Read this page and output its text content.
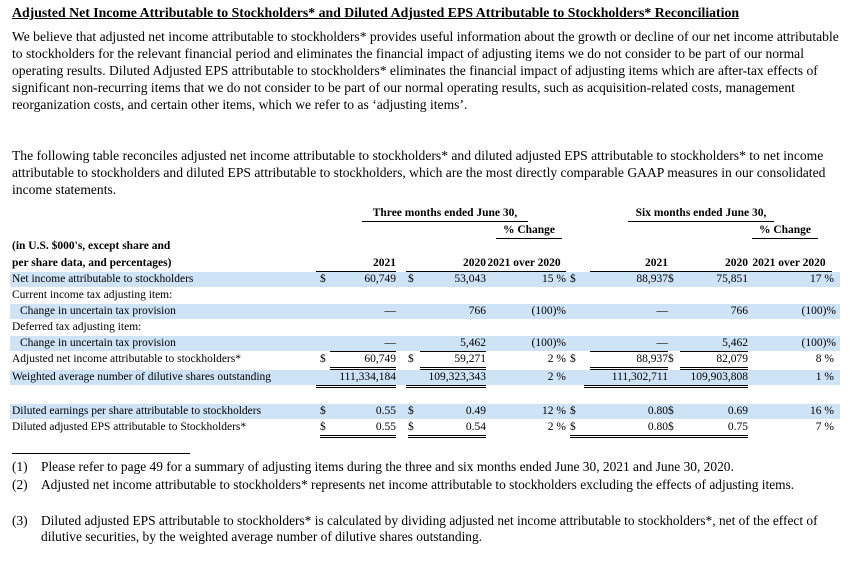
Adjusted Net Income Attributable to Stockholders* and Diluted Adjusted EPS Attributable to Stockholders* Reconciliation

We believe that adjusted net income attributable to stockholders* provides useful information about the growth or decline of our net income attributable to stockholders for the relevant financial period and eliminates the financial impact of adjusting items we do not consider to be part of our normal operating results. Diluted Adjusted EPS attributable to stockholders* eliminates the financial impact of adjusting items which are after-tax effects of significant non-recurring items that we do not consider to be part of our normal operating results, such as acquisition-related costs, management reorganization costs, and certain other items, which we refer to as ‘adjusting items’.

The following table reconciles adjusted net income attributable to stockholders* and diluted adjusted EPS attributable to stockholders* to net income attributable to stockholders and diluted EPS attributable to stockholders, which are the most directly comparable GAAP measures in our consolidated income statements.

Three months ended June 30,	Six months ended June 30,
% Change	% Change
(in U.S. $000's, except share and
per share data, and percentages)	2021	2020 2021 over 2020	2021	2020 2021 over 2020
Net income attributable to stockholders	$	60,749 $	53,043	15 % $	88,937 $	75,851	17 %
Current income tax adjusting item:
Change in uncertain tax provision	—	766	(100)%	—	766	(100)%
Deferred tax adjusting item:
Change in uncertain tax provision	—	5,462	(100)%	—	5,462	(100)%
Adjusted net income attributable to stockholders*	$	60,749 $	59,271	2 % $	88,937 $	82,079	8 %
Weighted average number of dilutive shares outstanding	111,334,184	109,323,343	2 %	111,302,711	109,903,808	1 %
Diluted earnings per share attributable to stockholders	$	0.55 $	0.49	12 % $	0.80 $	0.69	16 %
Diluted adjusted EPS attributable to Stockholders*	$	0.55 $	0.54	2 % $	0.80 $	0.75	7 %
(1) Please refer to page 49 for a summary of adjusting items during the three and six months ended June 30, 2021 and June 30, 2020.
(2) Adjusted net income attributable to stockholders* represents net income attributable to stockholders excluding the effects of adjusting items.
(3) Diluted adjusted EPS attributable to stockholders* is calculated by dividing adjusted net income attributable to stockholders*, net of the effect of dilutive securities, by the weighted average number of dilutive shares outstanding.
